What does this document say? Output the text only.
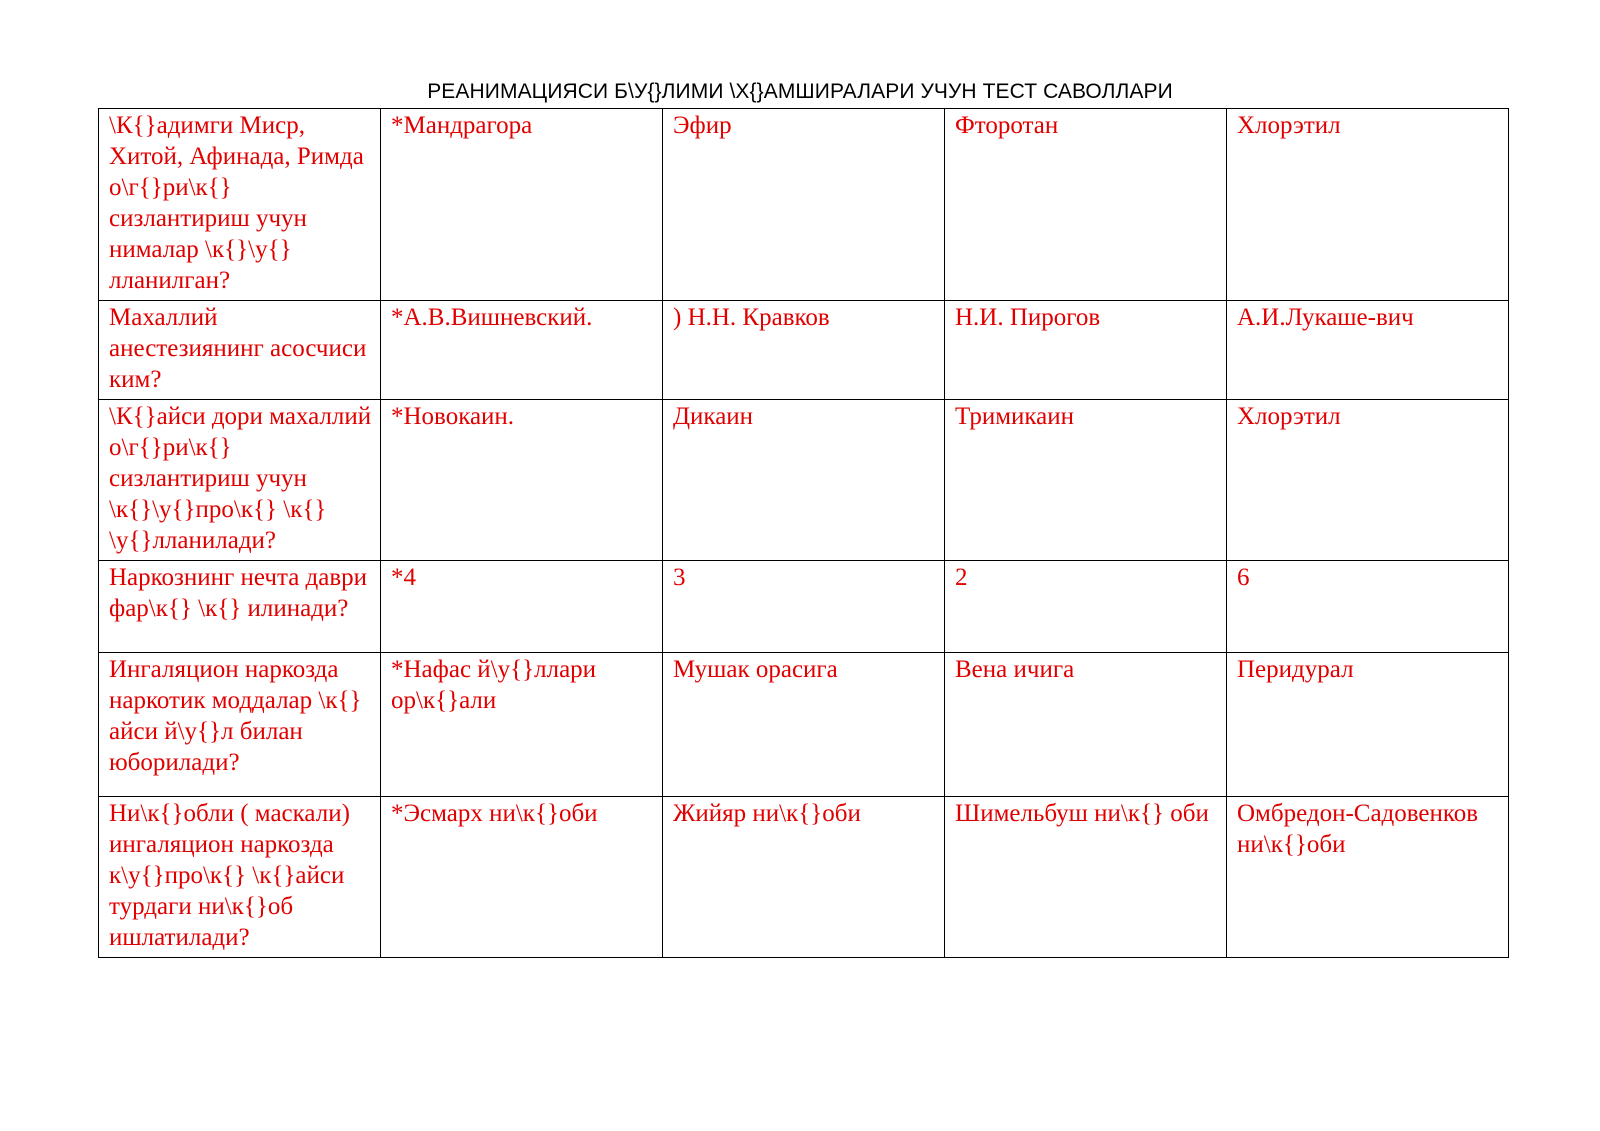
РЕАНИМАЦИЯСИ Б\У{}ЛИМИ \Х{}АМШИРАЛАРИ УЧУН ТЕСТ САВОЛЛАРИ
\К{}адимги Миср, Хитой, Афинада, Римда о\г{}ри\к{} сизлантириш учун нималар \к{}\у{} лланилган?	*Мандрагора	Эфир	Фторотан	Хлорэтил
Махаллий анестезиянинг асосчиси ким?	*А.В.Вишневский.	) Н.Н. Кравков	Н.И. Пирогов	А.И.Лукаше-вич
\К{}айси дори махаллий о\г{}ри\к{} сизлантириш учун \к{}\у{}про\к{} \к{} \у{}лланилади?	*Новокаин.	Дикаин	Тримикаин	Хлорэтил
Наркознинг нечта даври фар\к{} \к{} илинади?	*4	3	2	6
Ингаляцион наркозда наркотик моддалар \к{}айси й\у{}л билан юборилади?	*Нафас й\у{}ллари ор\к{}али	Мушак орасига	Вена ичига	Перидурал
Ни\к{}обли ( маскали) ингаляцион наркозда к\у{}про\к{} \к{}айси турдаги ни\к{}об ишлатилади?	*Эсмарх ни\к{}оби	Жийяр ни\к{}оби	Шимельбуш ни\к{} оби	Омбредон-Садовенков ни\к{}оби
